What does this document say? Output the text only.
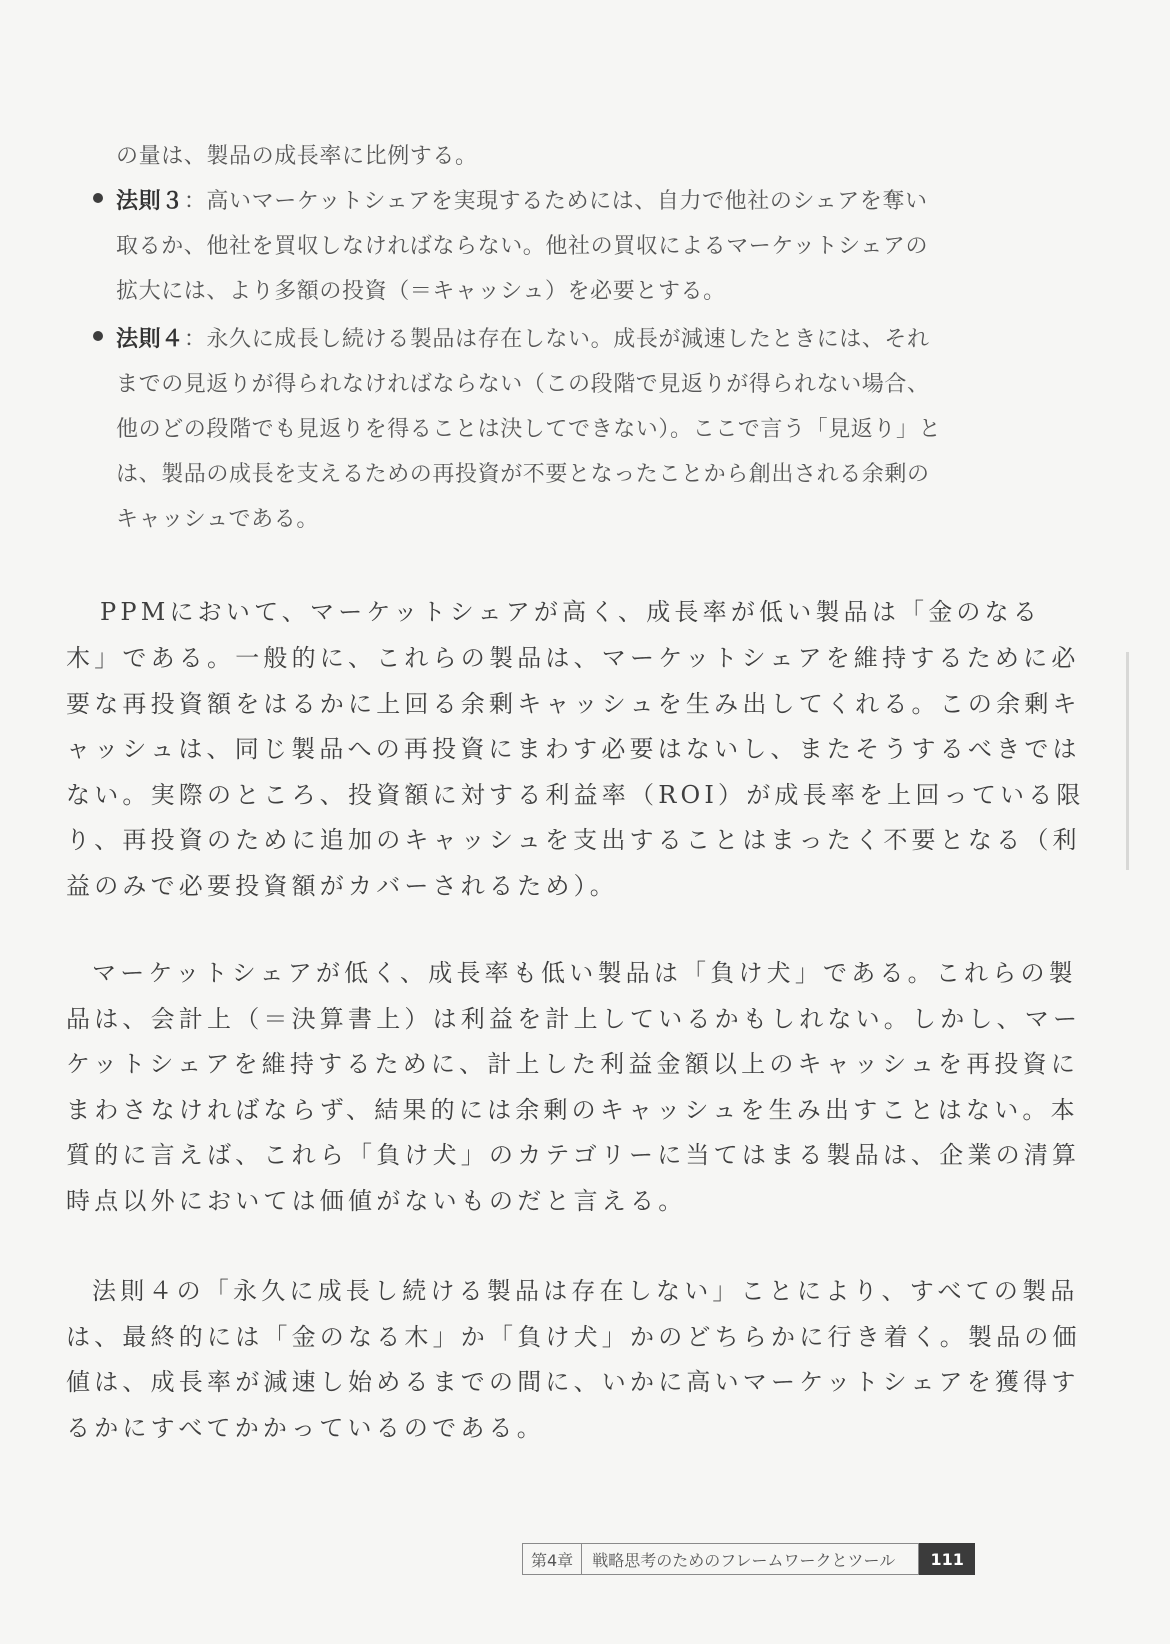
の量は、製品の成長率に比例する。

法則３：高いマーケットシェアを実現するためには、自力で他社のシェアを奪い

取るか、他社を買収しなければならない。他社の買収によるマーケットシェアの

拡大には、より多額の投資（＝キャッシュ）を必要とする。

法則４：永久に成長し続ける製品は存在しない。成長が減速したときには、それ

までの見返りが得られなければならない（この段階で見返りが得られない場合、

他のどの段階でも見返りを得ることは決してできない）。ここで言う「見返り」と

は、製品の成長を支えるための再投資が不要となったことから創出される余剰の

キャッシュである。

PPMにおいて、マーケットシェアが高く、成長率が低い製品は「金のなる

木」である。一般的に、これらの製品は、マーケットシェアを維持するために必

要な再投資額をはるかに上回る余剰キャッシュを生み出してくれる。この余剰キ

ャッシュは、同じ製品への再投資にまわす必要はないし、またそうするべきでは

ない。実際のところ、投資額に対する利益率（ROI）が成長率を上回っている限

り、再投資のために追加のキャッシュを支出することはまったく不要となる（利

益のみで必要投資額がカバーされるため）。

マーケットシェアが低く、成長率も低い製品は「負け犬」である。これらの製

品は、会計上（＝決算書上）は利益を計上しているかもしれない。しかし、マー

ケットシェアを維持するために、計上した利益金額以上のキャッシュを再投資に

まわさなければならず、結果的には余剰のキャッシュを生み出すことはない。本

質的に言えば、これら「負け犬」のカテゴリーに当てはまる製品は、企業の清算

時点以外においては価値がないものだと言える。

法則４の「永久に成長し続ける製品は存在しない」ことにより、すべての製品

は、最終的には「金のなる木」か「負け犬」かのどちらかに行き着く。製品の価

値は、成長率が減速し始めるまでの間に、いかに高いマーケットシェアを獲得す

るかにすべてかかっているのである。

第4章	戦略思考のためのフレームワークとツール	111
